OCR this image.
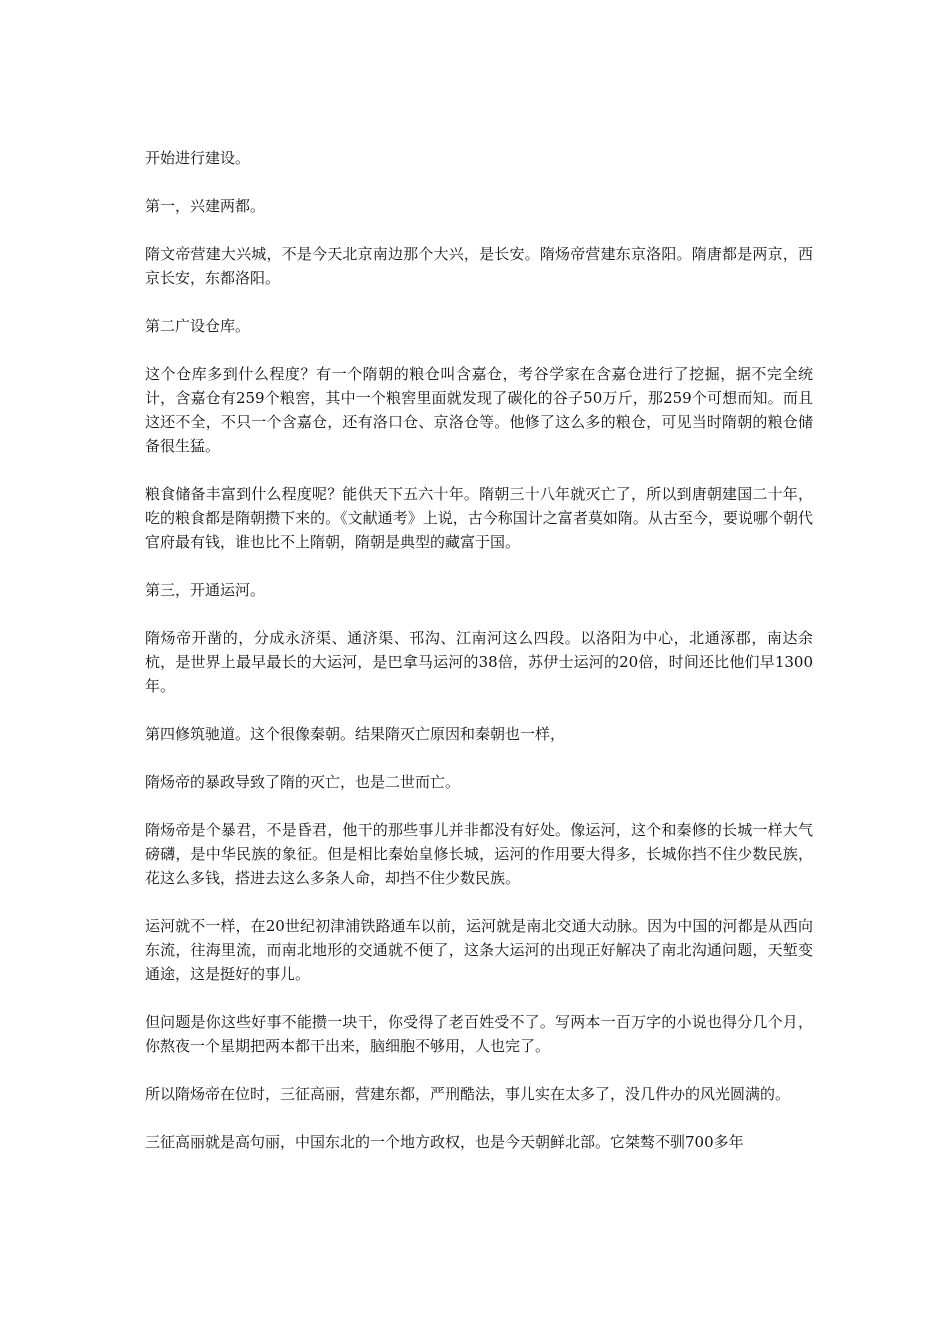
开始进行建设。

第一，兴建两都。

隋文帝营建大兴城，不是今天北京南边那个大兴，是长安。隋炀帝营建东京洛阳。隋唐都是两京，西京长安，东都洛阳。

第二广设仓库。

这个仓库多到什么程度？有一个隋朝的粮仓叫含嘉仓，考谷学家在含嘉仓进行了挖掘，据不完全统计，含嘉仓有259个粮窖，其中一个粮窖里面就发现了碳化的谷子50万斤，那259个可想而知。而且这还不全，不只一个含嘉仓，还有洛口仓、京洛仓等。他修了这么多的粮仓，可见当时隋朝的粮仓储备很生猛。

粮食储备丰富到什么程度呢？能供天下五六十年。隋朝三十八年就灭亡了，所以到唐朝建国二十年，吃的粮食都是隋朝攒下来的。《文献通考》上说，古今称国计之富者莫如隋。从古至今，要说哪个朝代官府最有钱，谁也比不上隋朝，隋朝是典型的藏富于国。

第三，开通运河。

隋炀帝开凿的，分成永济渠、通济渠、邗沟、江南河这么四段。以洛阳为中心，北通涿郡，南达余杭，是世界上最早最长的大运河，是巴拿马运河的38倍，苏伊士运河的20倍，时间还比他们早1300年。

第四修筑驰道。这个很像秦朝。结果隋灭亡原因和秦朝也一样，

隋炀帝的暴政导致了隋的灭亡，也是二世而亡。

隋炀帝是个暴君，不是昏君，他干的那些事儿并非都没有好处。像运河，这个和秦修的长城一样大气磅礴，是中华民族的象征。但是相比秦始皇修长城，运河的作用要大得多，长城你挡不住少数民族，花这么多钱，搭进去这么多条人命，却挡不住少数民族。

运河就不一样，在20世纪初津浦铁路通车以前，运河就是南北交通大动脉。因为中国的河都是从西向东流，往海里流，而南北地形的交通就不便了，这条大运河的出现正好解决了南北沟通问题，天堑变通途，这是挺好的事儿。

但问题是你这些好事不能攒一块干，你受得了老百姓受不了。写两本一百万字的小说也得分几个月，你熬夜一个星期把两本都干出来，脑细胞不够用，人也完了。

所以隋炀帝在位时，三征高丽，营建东都，严刑酷法，事儿实在太多了，没几件办的风光圆满的。

三征高丽就是高句丽，中国东北的一个地方政权，也是今天朝鲜北部。它桀骜不驯700多年
